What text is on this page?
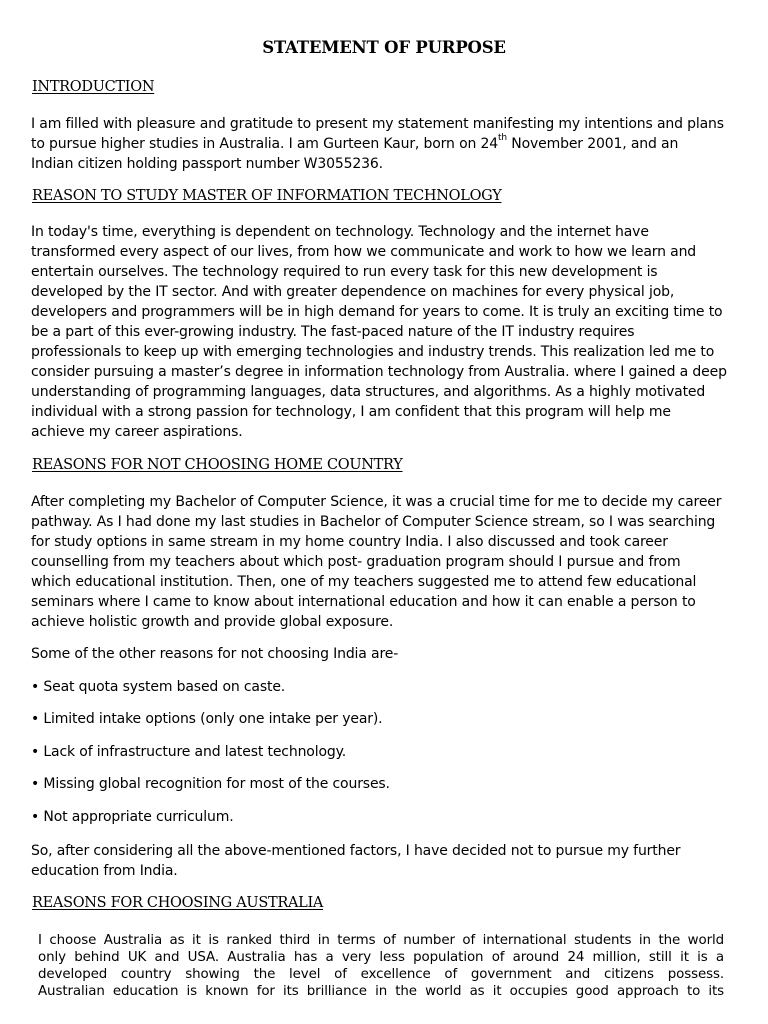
STATEMENT OF PURPOSE
INTRODUCTION
I am filled with pleasure and gratitude to present my statement manifesting my intentions and plans
to pursue higher studies in Australia. I am Gurteen Kaur, born on 24th November 2001, and an
Indian citizen holding passport number W3055236.
REASON TO STUDY MASTER OF INFORMATION TECHNOLOGY
In today's time, everything is dependent on technology. Technology and the internet have
transformed every aspect of our lives, from how we communicate and work to how we learn and
entertain ourselves. The technology required to run every task for this new development is
developed by the IT sector. And with greater dependence on machines for every physical job,
developers and programmers will be in high demand for years to come. It is truly an exciting time to
be a part of this ever-growing industry. The fast-paced nature of the IT industry requires
professionals to keep up with emerging technologies and industry trends. This realization led me to
consider pursuing a master’s degree in information technology from Australia. where I gained a deep
understanding of programming languages, data structures, and algorithms. As a highly motivated
individual with a strong passion for technology, I am confident that this program will help me
achieve my career aspirations.
REASONS FOR NOT CHOOSING HOME COUNTRY
After completing my Bachelor of Computer Science, it was a crucial time for me to decide my career
pathway. As I had done my last studies in Bachelor of Computer Science stream, so I was searching
for study options in same stream in my home country India. I also discussed and took career
counselling from my teachers about which post- graduation program should I pursue and from
which educational institution. Then, one of my teachers suggested me to attend few educational
seminars where I came to know about international education and how it can enable a person to
achieve holistic growth and provide global exposure.
Some of the other reasons for not choosing India are-
• Seat quota system based on caste.
• Limited intake options (only one intake per year).
• Lack of infrastructure and latest technology.
• Missing global recognition for most of the courses.
• Not appropriate curriculum.
So, after considering all the above-mentioned factors, I have decided not to pursue my further
education from India.
REASONS FOR CHOOSING AUSTRALIA
I choose Australia as it is ranked third in terms of number of international students in the world
only behind UK and USA. Australia has a very less population of around 24 million, still it is a
developed country showing the level of excellence of government and citizens possess.
Australian education is known for its brilliance in the world as it occupies good approach to its
